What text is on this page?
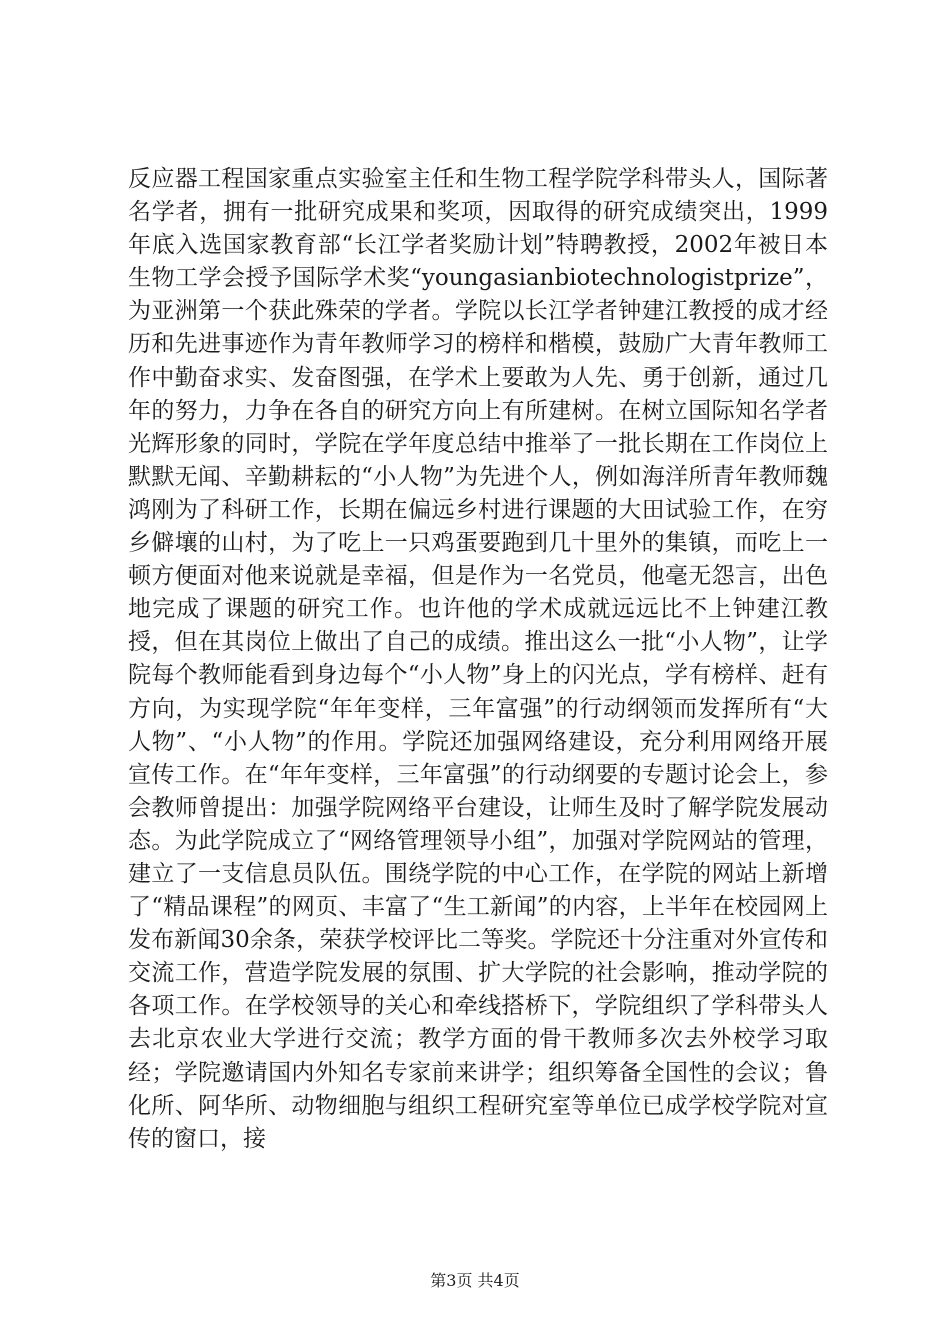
反应器工程国家重点实验室主任和生物工程学院学科带头人，国际著名学者，拥有一批研究成果和奖项，因取得的研究成绩突出，1999年底入选国家教育部“长江学者奖励计划”特聘教授，2002年被日本生物工学会授予国际学术奖“youngasianbiotechnologistprize”，为亚洲第一个获此殊荣的学者。学院以长江学者钟建江教授的成才经历和先进事迹作为青年教师学习的榜样和楷模，鼓励广大青年教师工作中勤奋求实、发奋图强，在学术上要敢为人先、勇于创新，通过几年的努力，力争在各自的研究方向上有所建树。在树立国际知名学者光辉形象的同时，学院在学年度总结中推举了一批长期在工作岗位上默默无闻、辛勤耕耘的“小人物”为先进个人，例如海洋所青年教师魏鸿刚为了科研工作，长期在偏远乡村进行课题的大田试验工作，在穷乡僻壤的山村，为了吃上一只鸡蛋要跑到几十里外的集镇，而吃上一顿方便面对他来说就是幸福，但是作为一名党员，他毫无怨言，出色地完成了课题的研究工作。也许他的学术成就远远比不上钟建江教授，但在其岗位上做出了自己的成绩。推出这么一批“小人物”，让学院每个教师能看到身边每个“小人物”身上的闪光点，学有榜样、赶有方向，为实现学院“年年变样，三年富强”的行动纲领而发挥所有“大人物”、“小人物”的作用。学院还加强网络建设，充分利用网络开展宣传工作。在“年年变样，三年富强”的行动纲要的专题讨论会上，参会教师曾提出：加强学院网络平台建设，让师生及时了解学院发展动态。为此学院成立了“网络管理领导小组”，加强对学院网站的管理，建立了一支信息员队伍。围绕学院的中心工作，在学院的网站上新增了“精品课程”的网页、丰富了“生工新闻”的内容，上半年在校园网上发布新闻30余条，荣获学校评比二等奖。学院还十分注重对外宣传和交流工作，营造学院发展的氛围、扩大学院的社会影响，推动学院的各项工作。在学校领导的关心和牵线搭桥下，学院组织了学科带头人去北京农业大学进行交流；教学方面的骨干教师多次去外校学习取经；学院邀请国内外知名专家前来讲学；组织筹备全国性的会议；鲁化所、阿华所、动物细胞与组织工程研究室等单位已成学校学院对宣传的窗口，接

第3页 共4页
